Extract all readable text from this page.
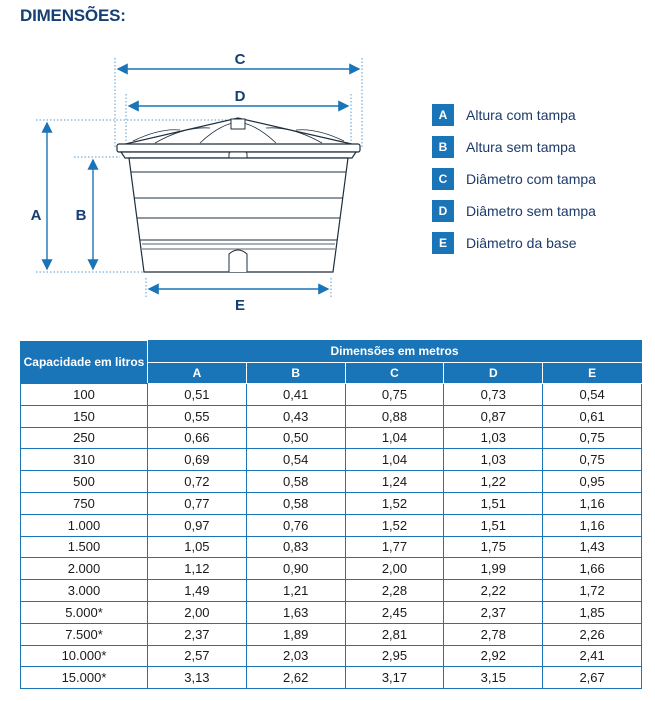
DIMENSÕES:
C
D
E
A B
A	Altura com tampa
B	Altura sem tampa
C	Diâmetro com tampa
D	Diâmetro sem tampa
E	Diâmetro da base
Capacidade em litros	Dimensões em metros				
	A	B	C	D	E
100	0,51	0,41	0,75	0,73	0,54
150	0,55	0,43	0,88	0,87	0,61
250	0,66	0,50	1,04	1,03	0,75
310	0,69	0,54	1,04	1,03	0,75
500	0,72	0,58	1,24	1,22	0,95
750	0,77	0,58	1,52	1,51	1,16
1.000	0,97	0,76	1,52	1,51	1,16
1.500	1,05	0,83	1,77	1,75	1,43
2.000	1,12	0,90	2,00	1,99	1,66
3.000	1,49	1,21	2,28	2,22	1,72
5.000*	2,00	1,63	2,45	2,37	1,85
7.500*	2,37	1,89	2,81	2,78	2,26
10.000*	2,57	2,03	2,95	2,92	2,41
15.000*	3,13	2,62	3,17	3,15	2,67
